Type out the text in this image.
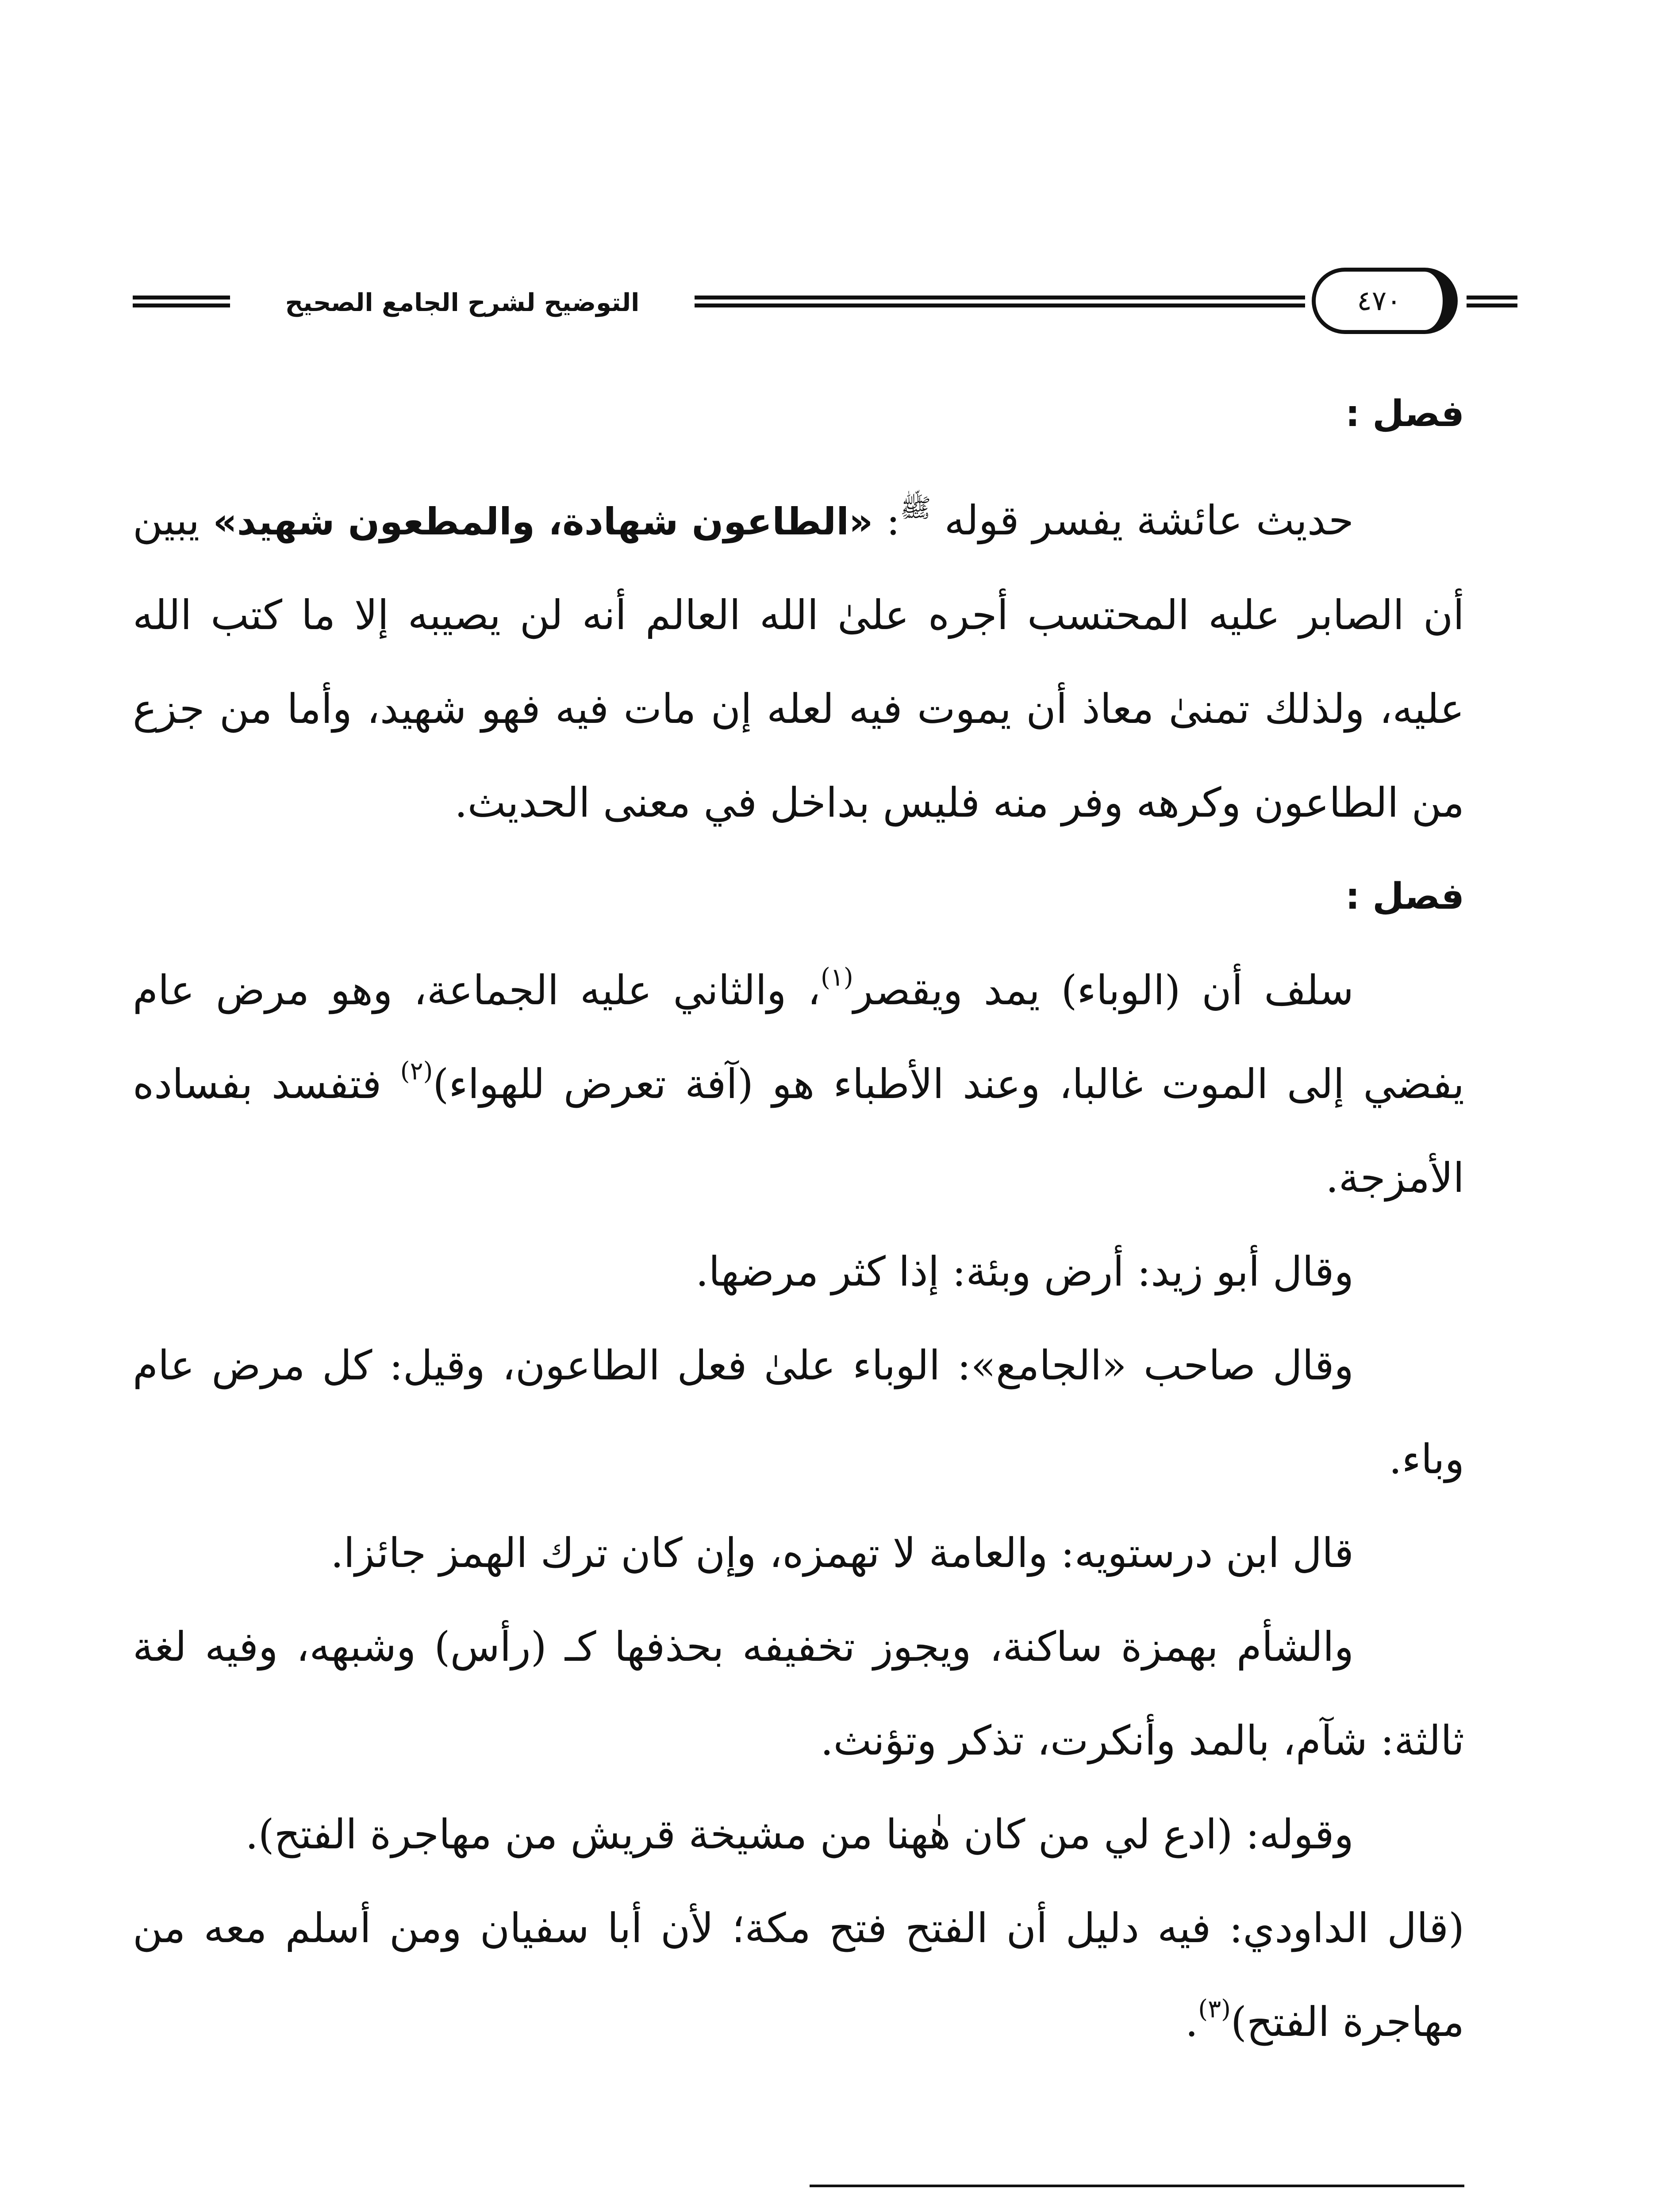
٤٧٠
التوضيح لشرح الجامع الصحيح

فصل :

حديث عائشة يفسر قوله $^ﷺ$: «الطاعون شهادة، والمطعون شهيد» يبين أن الصابر عليه المحتسب أجره علىٰ الله العالم أنه لن يصيبه إلا ما كتب الله عليه، ولذلك تمنىٰ معاذ أن يموت فيه لعله إن مات فيه فهو شهيد، وأما من جزع من الطاعون وكرهه وفر منه فليس بداخل في معنى الحديث.

فصل :

سلف أن (الوباء) يمد ويقصر$^{(١)}$، والثاني عليه الجماعة، وهو مرض عام يفضي إلى الموت غالبا، وعند الأطباء هو (آفة تعرض للهواء)$^{(٢)}$ فتفسد بفساده الأمزجة.

وقال أبو زيد: أرض وبئة: إذا كثر مرضها.

وقال صاحب «الجامع»: الوباء علىٰ فعل الطاعون، وقيل: كل مرض عام وباء.

قال ابن درستويه: والعامة لا تهمزه، وإن كان ترك الهمز جائزا.

والشأم بهمزة ساكنة، ويجوز تخفيفه بحذفها كـ (رأس) وشبهه، وفيه لغة ثالثة: شآم، بالمد وأنكرت، تذكر وتؤنث.

وقوله: (ادع لي من كان هٰهنا من مشيخة قريش من مهاجرة الفتح).

(قال الداودي: فيه دليل أن الفتح فتح مكة؛ لأن أبا سفيان ومن أسلم معه من مهاجرة الفتح)$^{(٣)}$.
